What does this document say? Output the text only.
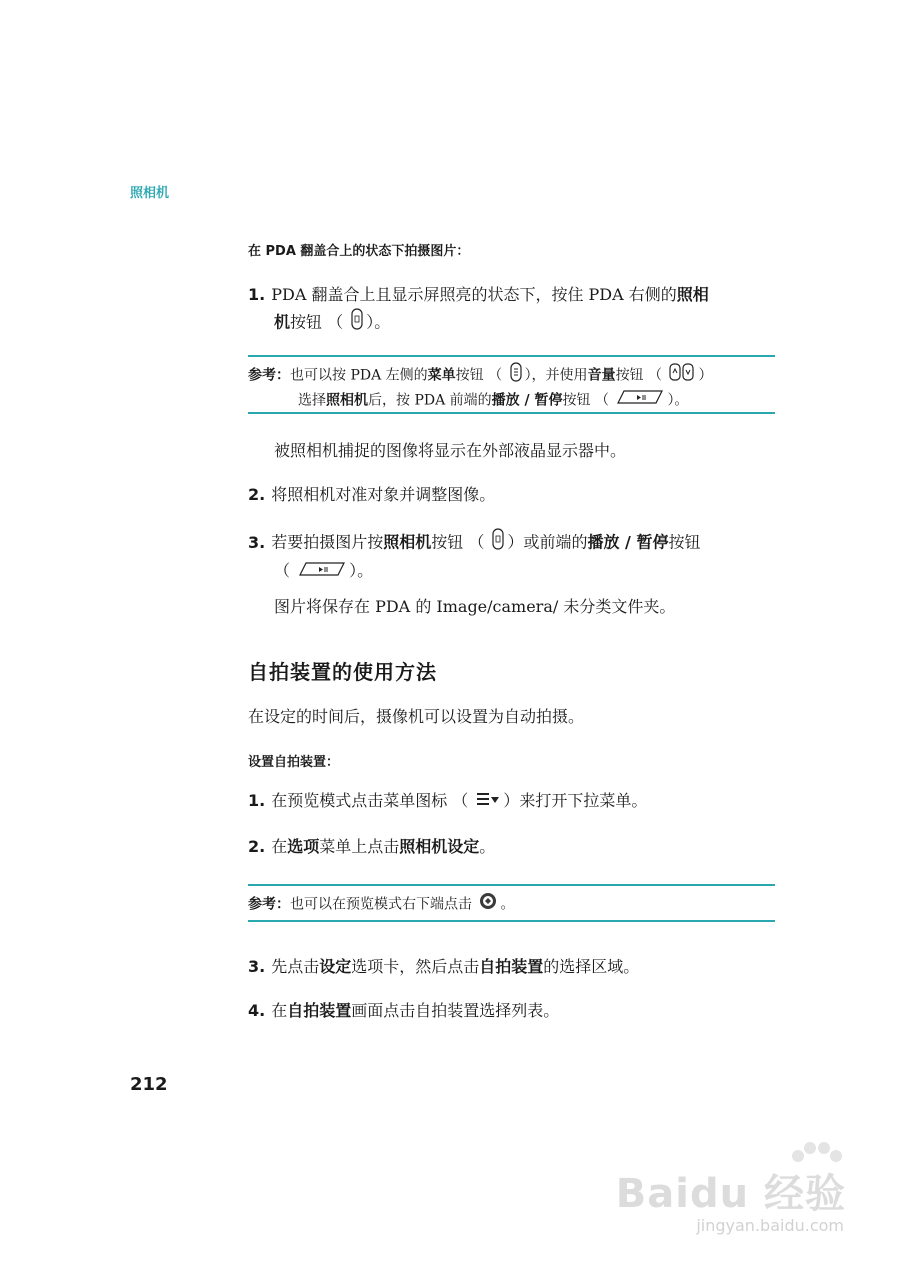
照相机
在 PDA 翻盖合上的状态下拍摄图片：
1. PDA 翻盖合上且显示屏照亮的状态下，按住 PDA 右侧的照相
机按钮 （ ）。
参考：也可以按 PDA 左侧的菜单按钮 （ ），并使用音量按钮 （	）
选择照相机后，按 PDA 前端的播放 / 暂停按钮 （	）。
被照相机捕捉的图像将显示在外部液晶显示器中。
2. 将照相机对准对象并调整图像。
3. 若要拍摄图片按照相机按钮 （ ）或前端的播放 / 暂停按钮
（	）。
图片将保存在 PDA 的 Image/camera/ 未分类文件夹。
自拍装置的使用方法
在设定的时间后，摄像机可以设置为自动拍摄。
设置自拍装置：
1. 在预览模式点击菜单图标 （ ）来打开下拉菜单。
2. 在选项菜单上点击照相机设定。
参考：也可以在预览模式右下端点击 。
3. 先点击设定选项卡，然后点击自拍装置的选择区域。
4. 在自拍装置画面点击自拍装置选择列表。
212
Baidu 经验
jingyan.baidu.com
